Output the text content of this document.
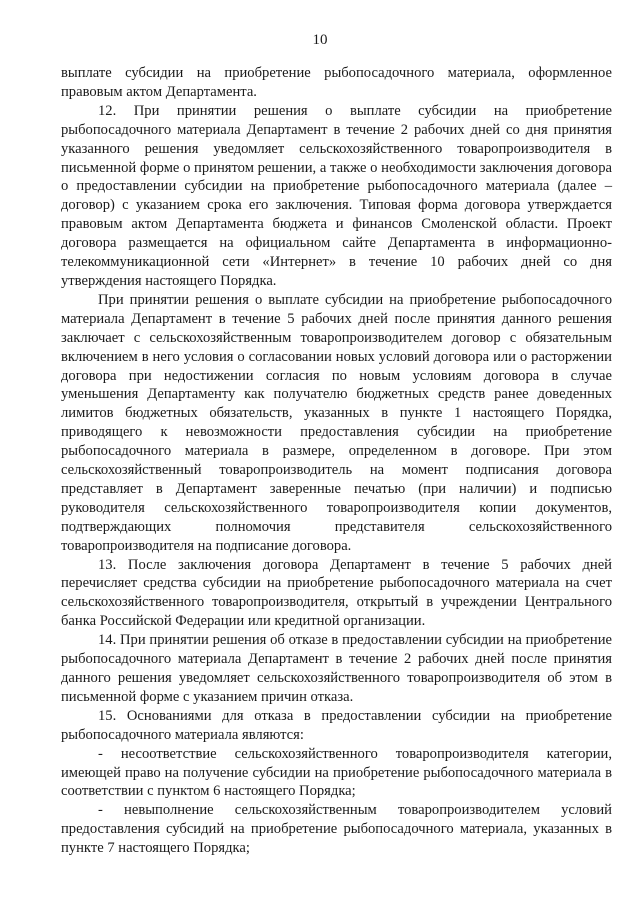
10

выплате субсидии на приобретение рыбопосадочного материала, оформленное правовым актом Департамента.

12. При принятии решения о выплате субсидии на приобретение рыбопосадочного материала Департамент в течение 2 рабочих дней со дня принятия указанного решения уведомляет сельскохозяйственного товаропроизводителя в письменной форме о принятом решении, а также о необходимости заключения договора о предоставлении субсидии на приобретение рыбопосадочного материала (далее – договор) с указанием срока его заключения. Типовая форма договора утверждается правовым актом Департамента бюджета и финансов Смоленской области. Проект договора размещается на официальном сайте Департамента в информационно-телекоммуникационной сети «Интернет» в течение 10 рабочих дней со дня утверждения настоящего Порядка.

При принятии решения о выплате субсидии на приобретение рыбопосадочного материала Департамент в течение 5 рабочих дней после принятия данного решения заключает с сельскохозяйственным товаропроизводителем договор с обязательным включением в него условия о согласовании новых условий договора или о расторжении договора при недостижении согласия по новым условиям договора в случае уменьшения Департаменту как получателю бюджетных средств ранее доведенных лимитов бюджетных обязательств, указанных в пункте 1 настоящего Порядка, приводящего к невозможности предоставления субсидии на приобретение рыбопосадочного материала в размере, определенном в договоре. При этом сельскохозяйственный товаропроизводитель на момент подписания договора представляет в Департамент заверенные печатью (при наличии) и подписью руководителя сельскохозяйственного товаропроизводителя копии документов, подтверждающих полномочия представителя сельскохозяйственного товаропроизводителя на подписание договора.

13. После заключения договора Департамент в течение 5 рабочих дней перечисляет средства субсидии на приобретение рыбопосадочного материала на счет сельскохозяйственного товаропроизводителя, открытый в учреждении Центрального банка Российской Федерации или кредитной организации.

14. При принятии решения об отказе в предоставлении субсидии на приобретение рыбопосадочного материала Департамент в течение 2 рабочих дней после принятия данного решения уведомляет сельскохозяйственного товаропроизводителя об этом в письменной форме с указанием причин отказа.

15. Основаниями для отказа в предоставлении субсидии на приобретение рыбопосадочного материала являются:

- несоответствие сельскохозяйственного товаропроизводителя категории, имеющей право на получение субсидии на приобретение рыбопосадочного материала в соответствии с пунктом 6 настоящего Порядка;

- невыполнение сельскохозяйственным товаропроизводителем условий предоставления субсидий на приобретение рыбопосадочного материала, указанных в пункте 7 настоящего Порядка;
